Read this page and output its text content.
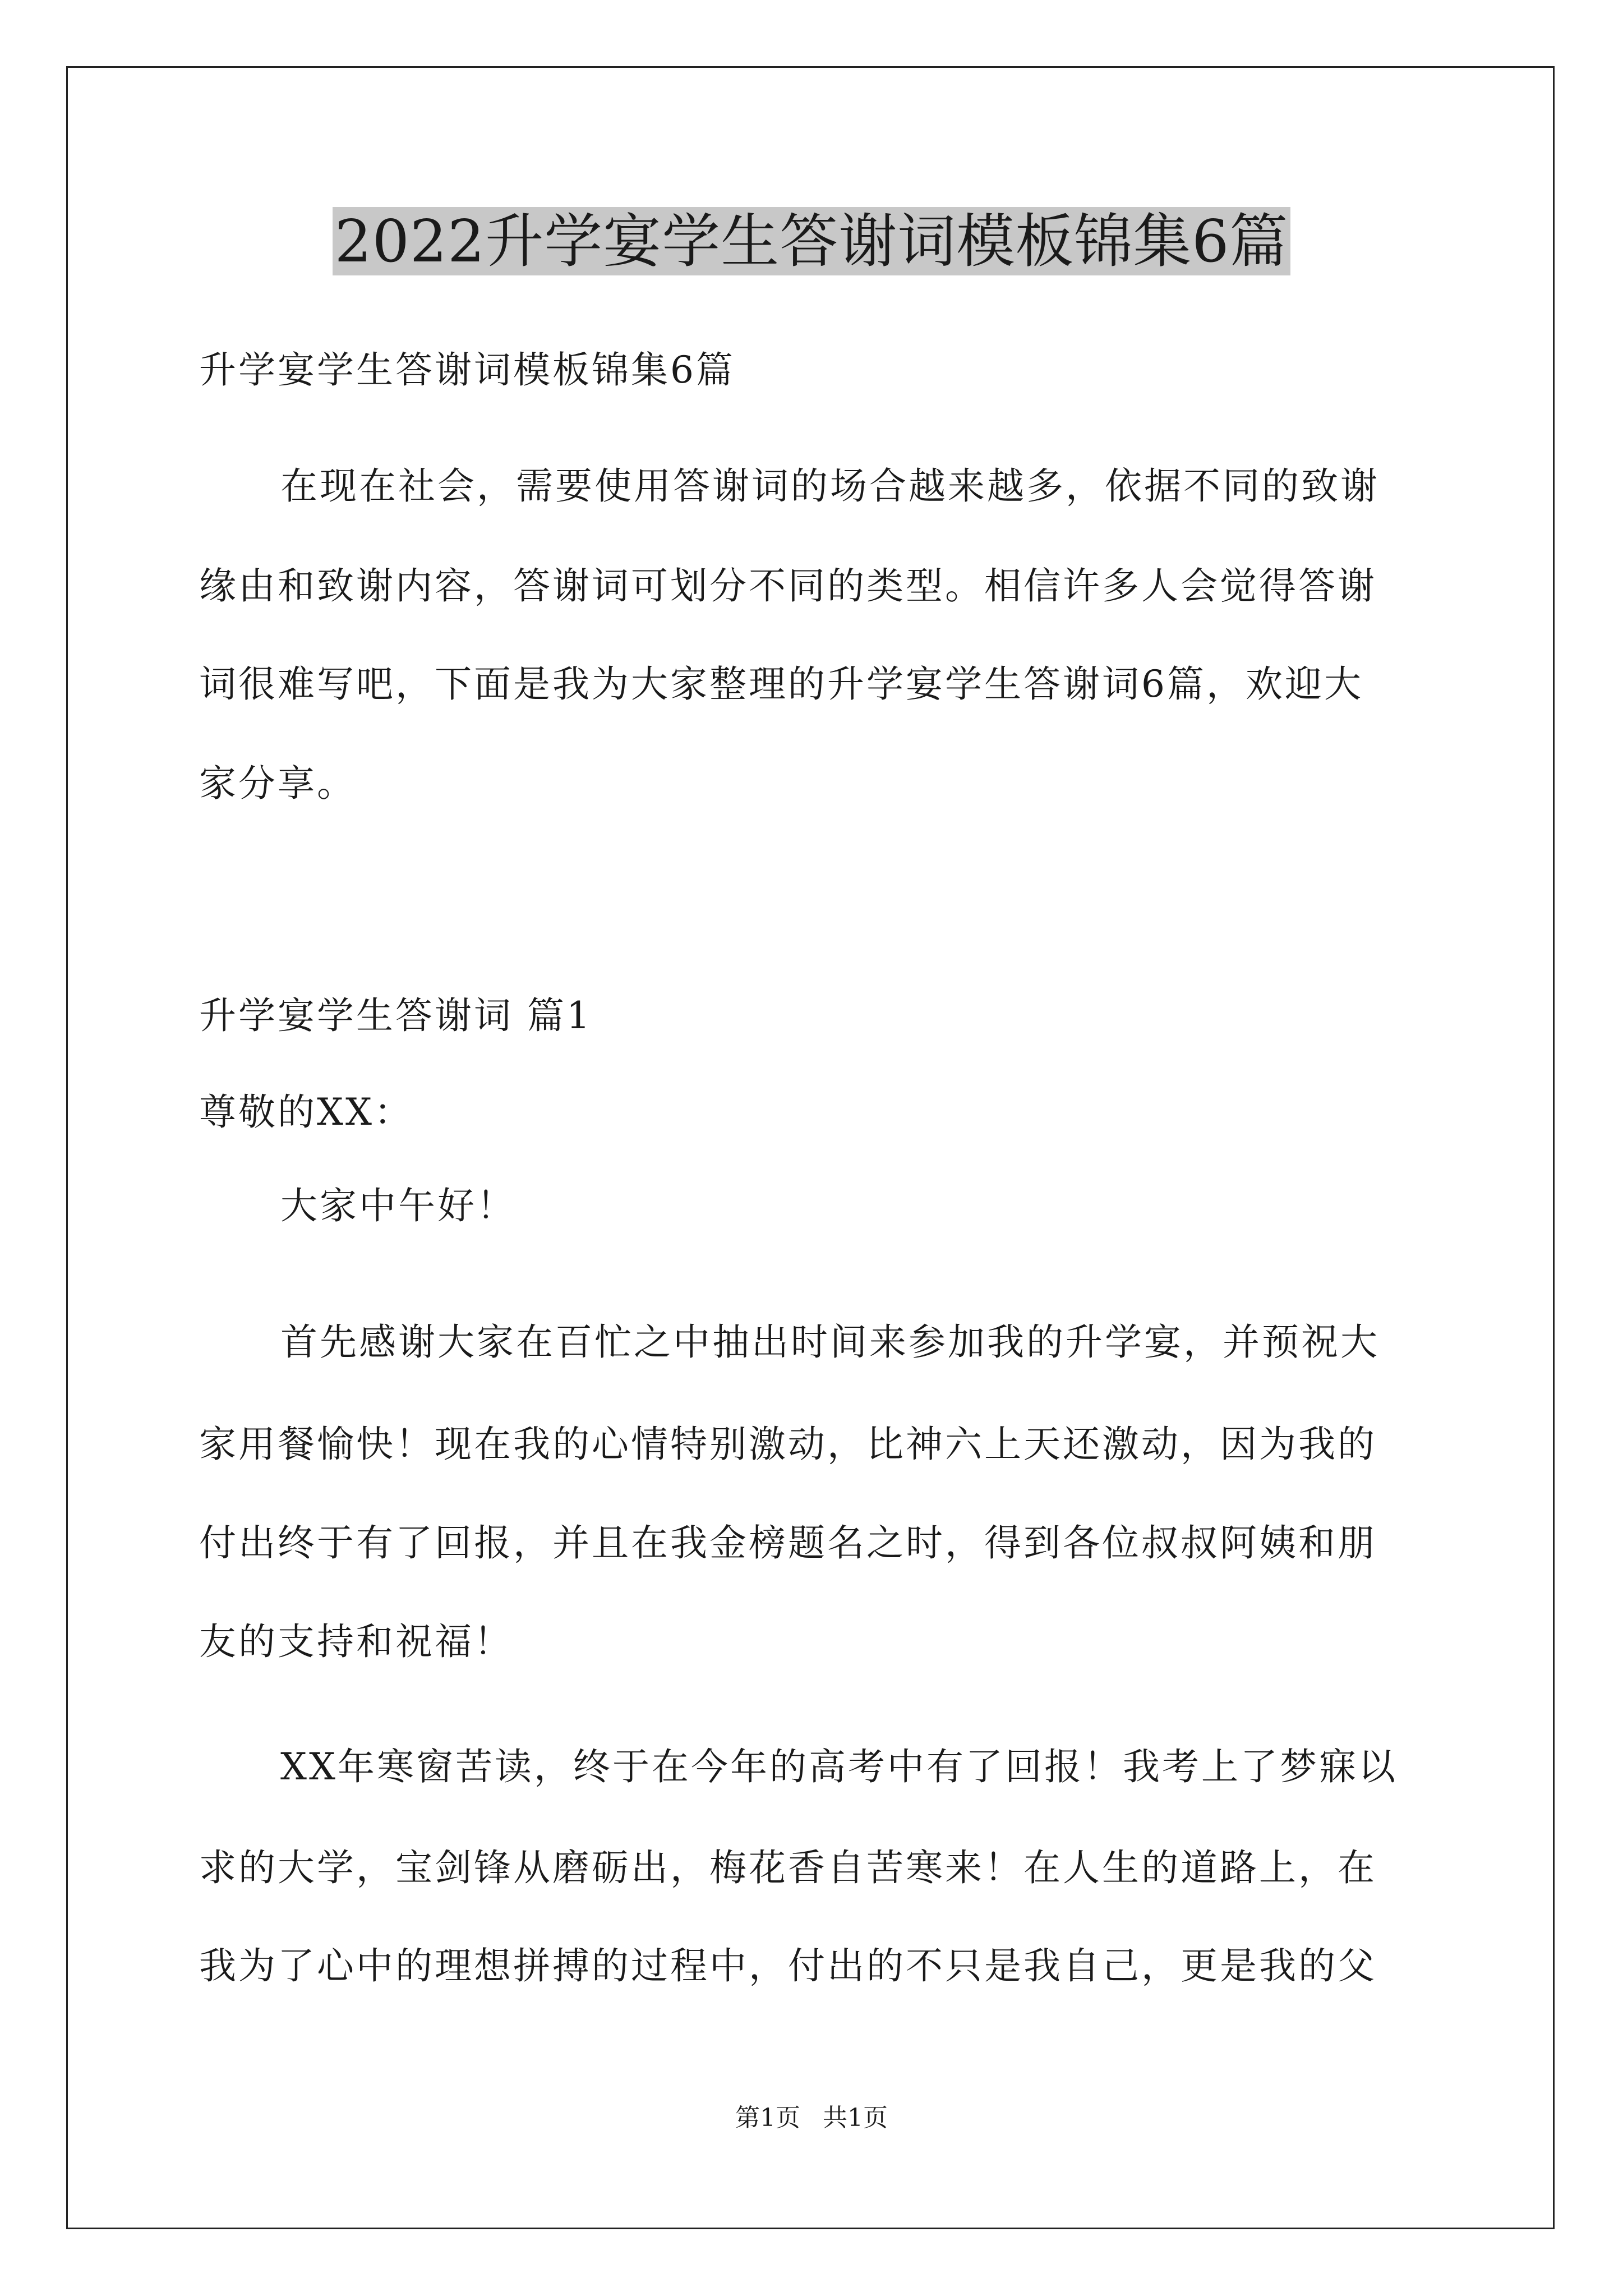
2022升学宴学生答谢词模板锦集6篇
升学宴学生答谢词模板锦集6篇
在现在社会，需要使用答谢词的场合越来越多，依据不同的致谢
缘由和致谢内容，答谢词可划分不同的类型。相信许多人会觉得答谢
词很难写吧，下面是我为大家整理的升学宴学生答谢词6篇，欢迎大
家分享。
升学宴学生答谢词 篇1
尊敬的XX：
大家中午好！
首先感谢大家在百忙之中抽出时间来参加我的升学宴，并预祝大
家用餐愉快！现在我的心情特别激动，比神六上天还激动，因为我的
付出终于有了回报，并且在我金榜题名之时，得到各位叔叔阿姨和朋
友的支持和祝福！
XX年寒窗苦读，终于在今年的高考中有了回报！我考上了梦寐以
求的大学，宝剑锋从磨砺出，梅花香自苦寒来！在人生的道路上，在
我为了心中的理想拼搏的过程中，付出的不只是我自己，更是我的父
第1页 共1页
